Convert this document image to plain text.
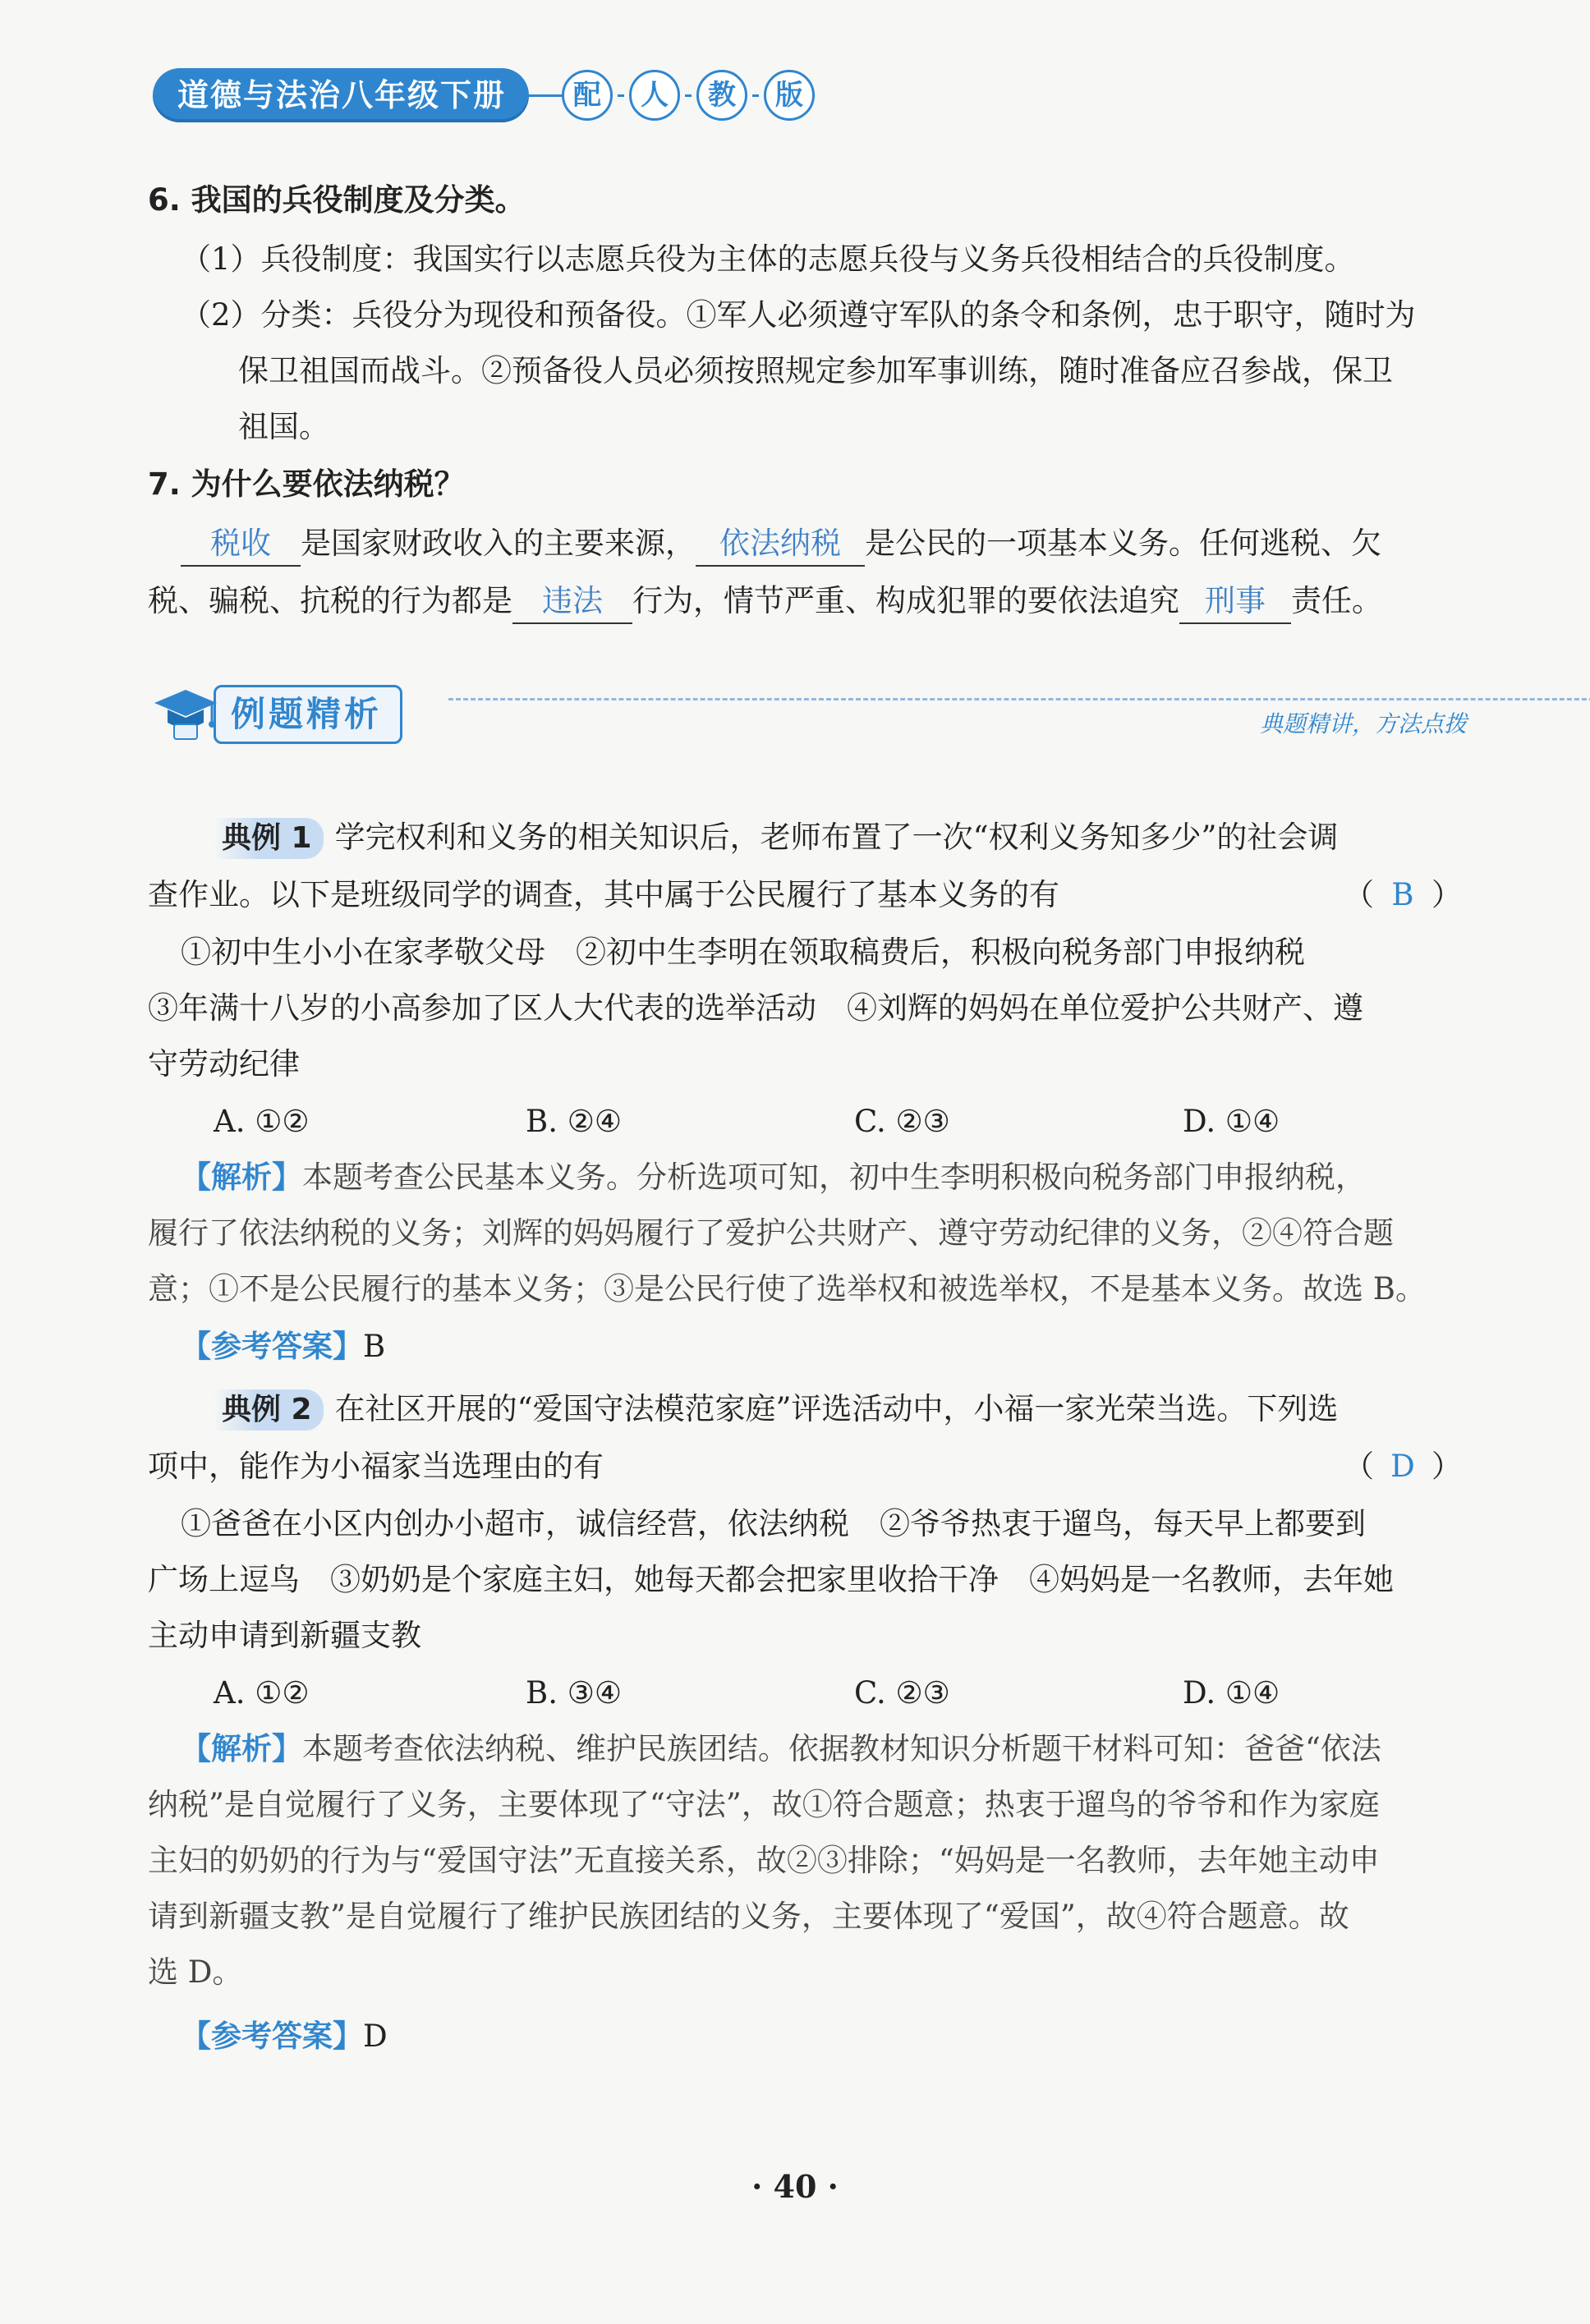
道德与法治八年级下册	配	人	教	版
6. 我国的兵役制度及分类。
（1）兵役制度：我国实行以志愿兵役为主体的志愿兵役与义务兵役相结合的兵役制度。
（2）分类：兵役分为现役和预备役。①军人必须遵守军队的条令和条例，忠于职守，随时为
保卫祖国而战斗。②预备役人员必须按照规定参加军事训练，随时准备应召参战，保卫
祖国。
7. 为什么要依法纳税？
税收 是国家财政收入的主要来源， 依法纳税 是公民的一项基本义务。任何逃税、欠
税、骗税、抗税的行为都是 违法 行为，情节严重、构成犯罪的要依法追究 刑事 责任。
例题精析	典题精讲，方法点拨
典例 1 学完权利和义务的相关知识后，老师布置了一次“权利义务知多少”的社会调
查作业。以下是班级同学的调查，其中属于公民履行了基本义务的有	（ B ）
①初中生小小在家孝敬父母　②初中生李明在领取稿费后，积极向税务部门申报纳税
③年满十八岁的小高参加了区人大代表的选举活动　④刘辉的妈妈在单位爱护公共财产、遵
守劳动纪律
A. ①②	B. ②④	C. ②③	D. ①④
【解析】本题考查公民基本义务。分析选项可知，初中生李明积极向税务部门申报纳税，
履行了依法纳税的义务；刘辉的妈妈履行了爱护公共财产、遵守劳动纪律的义务，②④符合题
意；①不是公民履行的基本义务；③是公民行使了选举权和被选举权，不是基本义务。故选 B。
【参考答案】B
典例 2 在社区开展的“爱国守法模范家庭”评选活动中，小福一家光荣当选。下列选
项中，能作为小福家当选理由的有	（ D ）
①爸爸在小区内创办小超市，诚信经营，依法纳税　②爷爷热衷于遛鸟，每天早上都要到
广场上逗鸟　③奶奶是个家庭主妇，她每天都会把家里收拾干净　④妈妈是一名教师，去年她
主动申请到新疆支教
A. ①②	B. ③④	C. ②③	D. ①④
【解析】本题考查依法纳税、维护民族团结。依据教材知识分析题干材料可知：爸爸“依法
纳税”是自觉履行了义务，主要体现了“守法”，故①符合题意；热衷于遛鸟的爷爷和作为家庭
主妇的奶奶的行为与“爱国守法”无直接关系，故②③排除；“妈妈是一名教师，去年她主动申
请到新疆支教”是自觉履行了维护民族团结的义务，主要体现了“爱国”，故④符合题意。故
选 D。
【参考答案】D
· 40 ·
